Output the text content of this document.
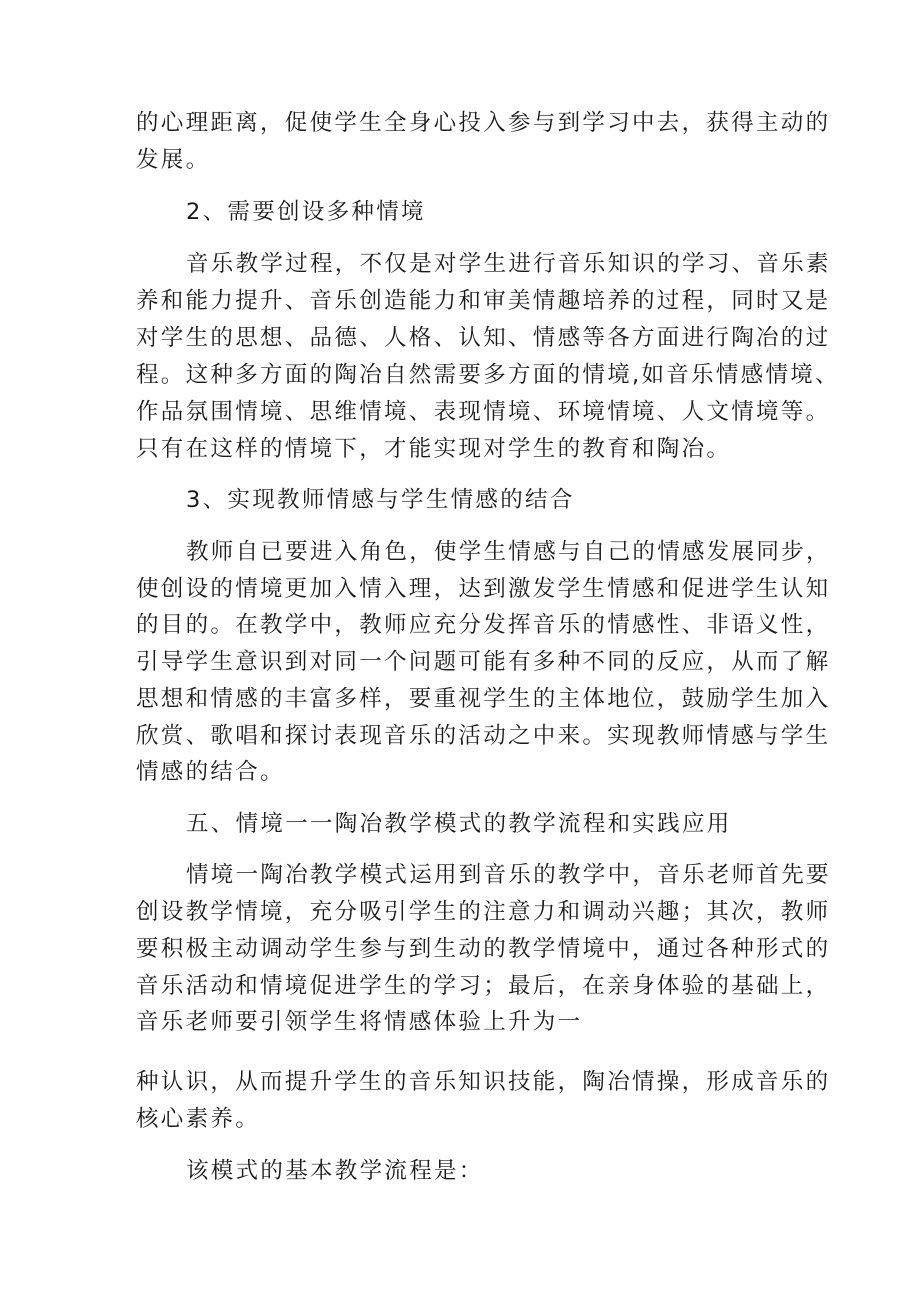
的心理距离，促使学生全身心投入参与到学习中去，获得主动的
发展。
2、需要创设多种情境
音乐教学过程，不仅是对学生进行音乐知识的学习、音乐素
养和能力提升、音乐创造能力和审美情趣培养的过程，同时又是
对学生的思想、品德、人格、认知、情感等各方面进行陶冶的过
程。这种多方面的陶冶自然需要多方面的情境,如音乐情感情境、
作品氛围情境、思维情境、表现情境、环境情境、人文情境等。
只有在这样的情境下，才能实现对学生的教育和陶冶。
3、实现教师情感与学生情感的结合
教师自已要进入角色，使学生情感与自己的情感发展同步，
使创设的情境更加入情入理，达到激发学生情感和促进学生认知
的目的。在教学中，教师应充分发挥音乐的情感性、非语义性，
引导学生意识到对同一个问题可能有多种不同的反应，从而了解
思想和情感的丰富多样，要重视学生的主体地位，鼓励学生加入
欣赏、歌唱和探讨表现音乐的活动之中来。实现教师情感与学生
情感的结合。
五、情境一一陶冶教学模式的教学流程和实践应用
情境一陶冶教学模式运用到音乐的教学中，音乐老师首先要
创设教学情境，充分吸引学生的注意力和调动兴趣；其次，教师
要积极主动调动学生参与到生动的教学情境中，通过各种形式的
音乐活动和情境促进学生的学习；最后，在亲身体验的基础上，
音乐老师要引领学生将情感体验上升为一
种认识，从而提升学生的音乐知识技能，陶冶情操，形成音乐的
核心素养。
该模式的基本教学流程是：
